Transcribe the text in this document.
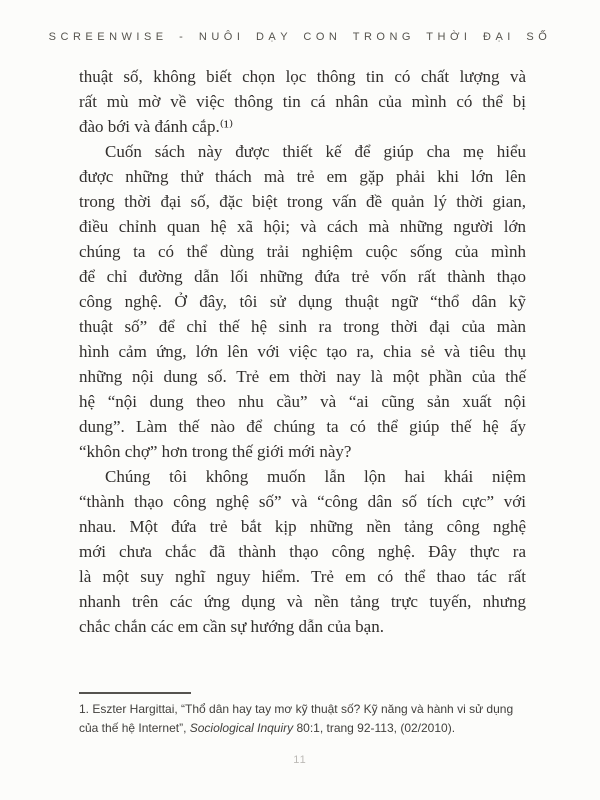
SCREENWISE - NUÔI DẠY CON TRONG THỜI ĐẠI SỐ
thuật số, không biết chọn lọc thông tin có chất lượng và
rất mù mờ về việc thông tin cá nhân của mình có thể bị
đào bới và đánh cắp.⁽¹⁾
Cuốn sách này được thiết kế để giúp cha mẹ hiểu
được những thử thách mà trẻ em gặp phải khi lớn lên
trong thời đại số, đặc biệt trong vấn đề quản lý thời gian,
điều chỉnh quan hệ xã hội; và cách mà những người lớn
chúng ta có thể dùng trải nghiệm cuộc sống của mình
để chỉ đường dẫn lối những đứa trẻ vốn rất thành thạo
công nghệ. Ở đây, tôi sử dụng thuật ngữ “thổ dân kỹ
thuật số” để chỉ thế hệ sinh ra trong thời đại của màn
hình cảm ứng, lớn lên với việc tạo ra, chia sẻ và tiêu thụ
những nội dung số. Trẻ em thời nay là một phần của thế
hệ “nội dung theo nhu cầu” và “ai cũng sản xuất nội
dung”. Làm thế nào để chúng ta có thể giúp thế hệ ấy
“khôn chợ” hơn trong thế giới mới này?
Chúng tôi không muốn lẫn lộn hai khái niệm
“thành thạo công nghệ số” và “công dân số tích cực” với
nhau. Một đứa trẻ bắt kịp những nền tảng công nghệ
mới chưa chắc đã thành thạo công nghệ. Đây thực ra
là một suy nghĩ nguy hiểm. Trẻ em có thể thao tác rất
nhanh trên các ứng dụng và nền tảng trực tuyến, nhưng
chắc chắn các em cần sự hướng dẫn của bạn.
1. Eszter Hargittai, “Thổ dân hay tay mơ kỹ thuật số? Kỹ năng và hành vi sử dụng
của thế hệ Internet”, Sociological Inquiry 80:1, trang 92-113, (02/2010).
11
